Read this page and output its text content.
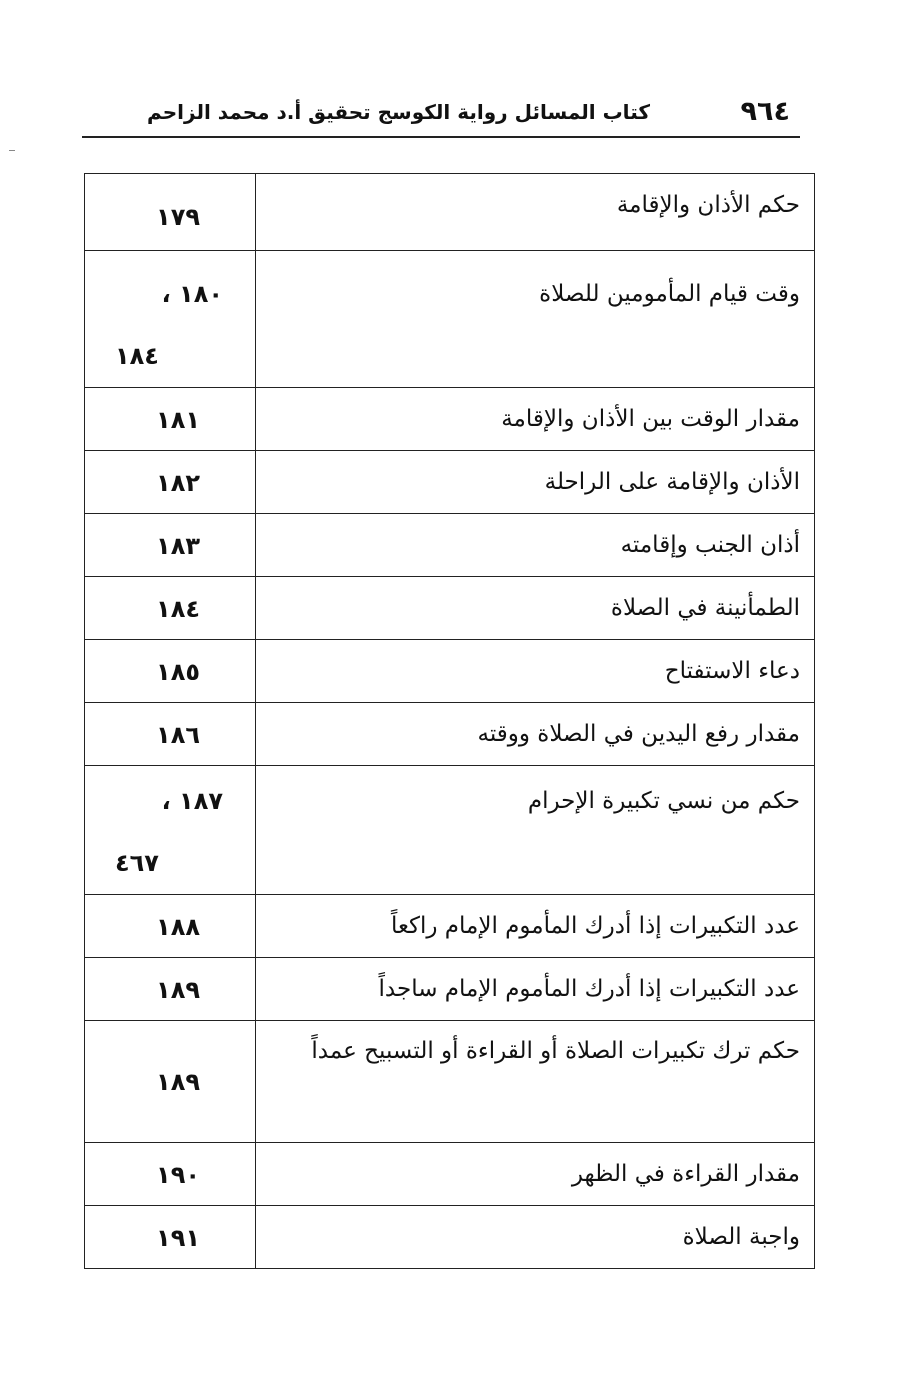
٩٦٤
كتاب المسائل رواية الكوسج تحقيق أ.د محمد الزاحم
حكم الأذان والإقامة	١٧٩

وقت قيام المأمومين للصلاة	١٨٠ ،
١٨٤

مقدار الوقت بين الأذان والإقامة	١٨١

الأذان والإقامة على الراحلة	١٨٢

أذان الجنب وإقامته	١٨٣

الطمأنينة في الصلاة	١٨٤

دعاء الاستفتاح	١٨٥

مقدار رفع اليدين في الصلاة ووقته	١٨٦

حكم من نسي تكبيرة الإحرام	١٨٧ ،
٤٦٧

عدد التكبيرات إذا أدرك المأموم الإمام راكعاً	١٨٨

عدد التكبيرات إذا أدرك المأموم الإمام ساجداً	١٨٩

حكم ترك تكبيرات الصلاة أو القراءة أو التسبيح عمداً	١٨٩

مقدار القراءة في الظهر	١٩٠

واجبة الصلاة	١٩١
